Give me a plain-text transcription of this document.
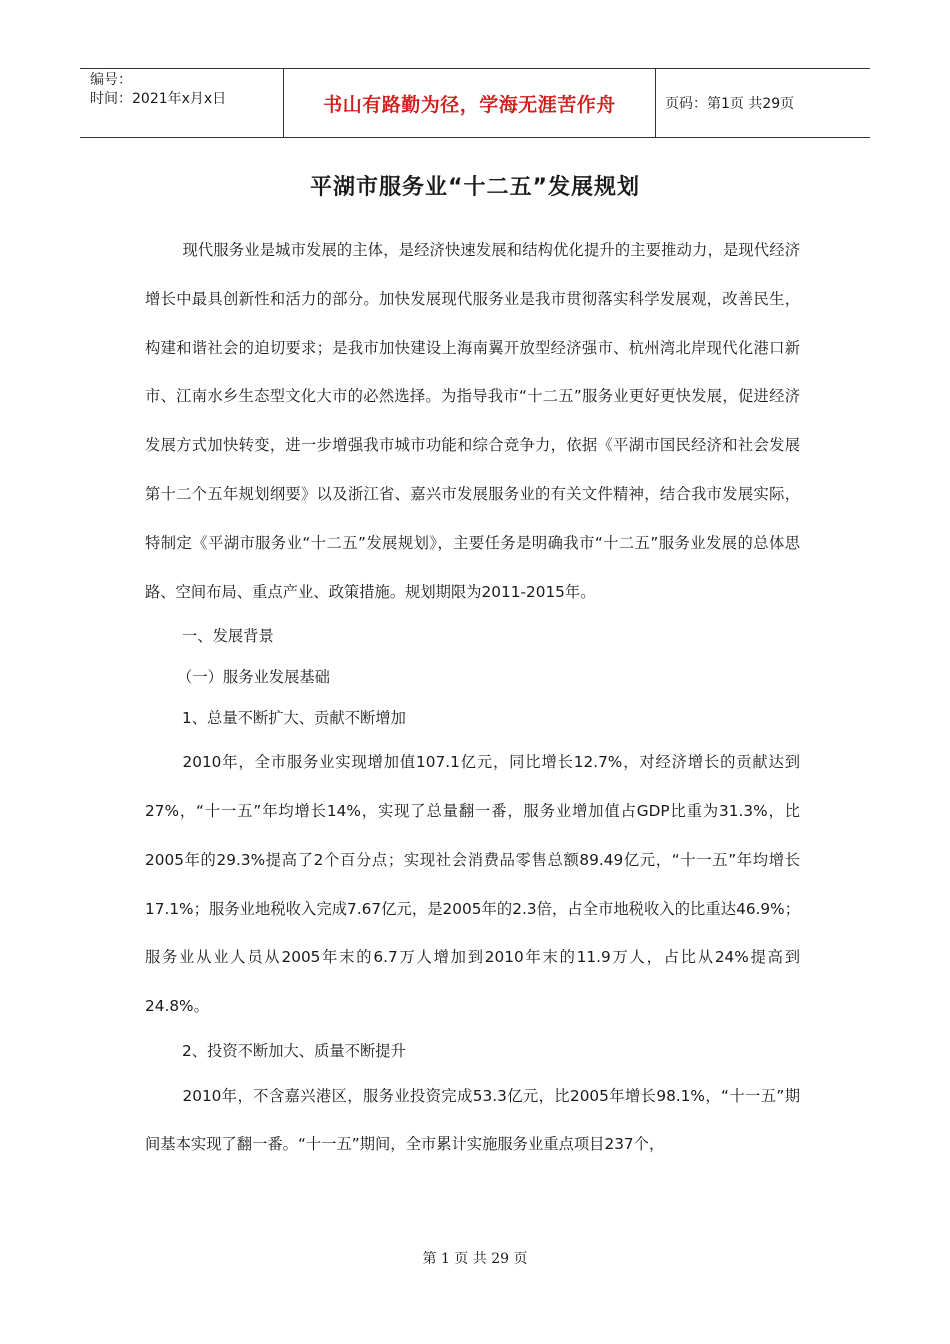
编号：
时间：2021年x月x日	书山有路勤为径，学海无涯苦作舟	页码：第1页 共29页
平湖市服务业“十二五”发展规划

现代服务业是城市发展的主体，是经济快速发展和结构优化提升的主要推动力，是现代经济增长中最具创新性和活力的部分。加快发展现代服务业是我市贯彻落实科学发展观，改善民生，构建和谐社会的迫切要求；是我市加快建设上海南翼开放型经济强市、杭州湾北岸现代化港口新市、江南水乡生态型文化大市的必然选择。为指导我市“十二五”服务业更好更快发展，促进经济发展方式加快转变，进一步增强我市城市功能和综合竞争力，依据《平湖市国民经济和社会发展第十二个五年规划纲要》以及浙江省、嘉兴市发展服务业的有关文件精神，结合我市发展实际，特制定《平湖市服务业“十二五”发展规划》，主要任务是明确我市“十二五”服务业发展的总体思路、空间布局、重点产业、政策措施。规划期限为2011-2015年。

一、发展背景

（一）服务业发展基础

1、总量不断扩大、贡献不断增加

2010年，全市服务业实现增加值107.1亿元，同比增长12.7%，对经济增长的贡献达到27%，“十一五”年均增长14%，实现了总量翻一番，服务业增加值占GDP比重为31.3%，比2005年的29.3%提高了2个百分点；实现社会消费品零售总额89.49亿元，“十一五”年均增长17.1%；服务业地税收入完成7.67亿元，是2005年的2.3倍，占全市地税收入的比重达46.9%；服务业从业人员从2005年末的6.7万人增加到2010年末的11.9万人，占比从24%提高到24.8%。

2、投资不断加大、质量不断提升

2010年，不含嘉兴港区，服务业投资完成53.3亿元，比2005年增长98.1%，“十一五”期间基本实现了翻一番。“十一五”期间，全市累计实施服务业重点项目237个，

第 1 页 共 29 页
